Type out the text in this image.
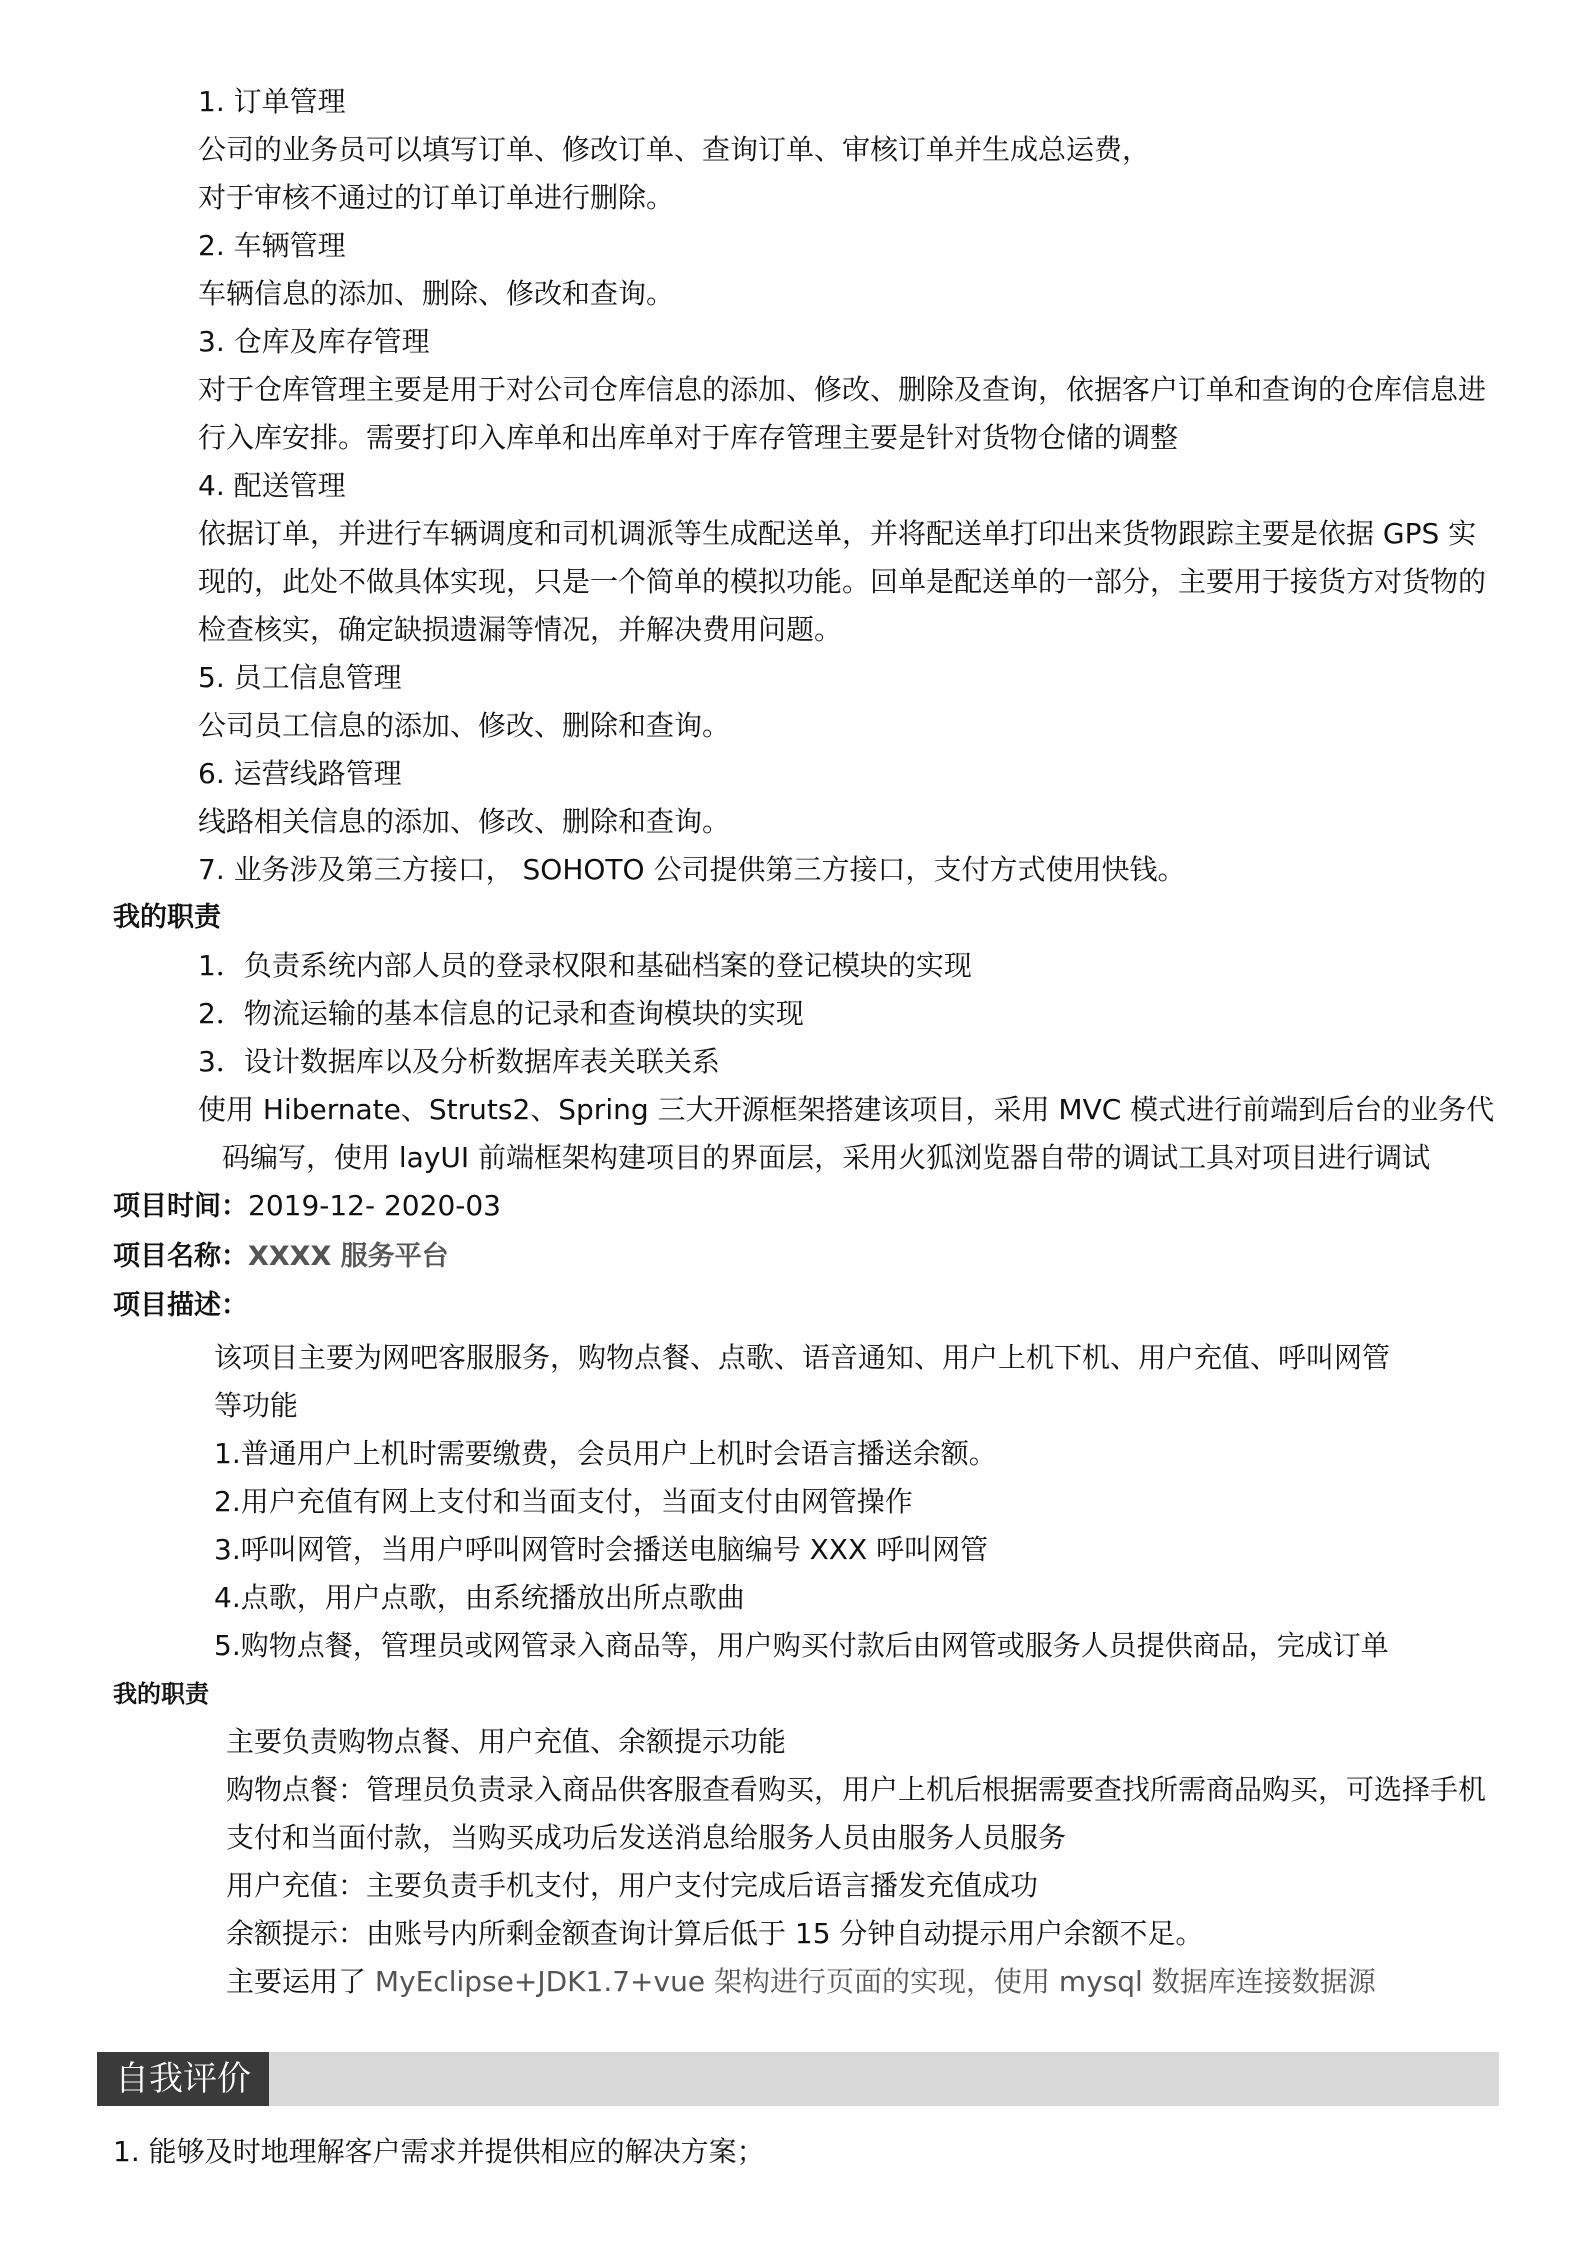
1. 订单管理
公司的业务员可以填写订单、修改订单、查询订单、审核订单并生成总运费，
对于审核不通过的订单订单进行删除。
2. 车辆管理
车辆信息的添加、删除、修改和查询。
3. 仓库及库存管理
对于仓库管理主要是用于对公司仓库信息的添加、修改、删除及查询，依据客户订单和查询的仓库信息进
行入库安排。需要打印入库单和出库单对于库存管理主要是针对货物仓储的调整
4. 配送管理
依据订单，并进行车辆调度和司机调派等生成配送单，并将配送单打印出来货物跟踪主要是依据 GPS 实
现的，此处不做具体实现，只是一个简单的模拟功能。回单是配送单的一部分，主要用于接货方对货物的
检查核实，确定缺损遗漏等情况，并解决费用问题。
5. 员工信息管理
公司员工信息的添加、修改、删除和查询。
6. 运营线路管理
线路相关信息的添加、修改、删除和查询。
7. 业务涉及第三方接口， SOHOTO 公司提供第三方接口，支付方式使用快钱。
我的职责
1．负责系统内部人员的登录权限和基础档案的登记模块的实现
2．物流运输的基本信息的记录和查询模块的实现
3．设计数据库以及分析数据库表关联关系
使用 Hibernate、Struts2、Spring 三大开源框架搭建该项目，采用 MVC 模式进行前端到后台的业务代
码编写，使用 layUI 前端框架构建项目的界面层，采用火狐浏览器自带的调试工具对项目进行调试
项目时间：2019-12- 2020-03
项目名称：XXXX 服务平台
项目描述：
该项目主要为网吧客服服务，购物点餐、点歌、语音通知、用户上机下机、用户充值、呼叫网管
等功能
1.普通用户上机时需要缴费，会员用户上机时会语言播送余额。
2.用户充值有网上支付和当面支付，当面支付由网管操作
3.呼叫网管，当用户呼叫网管时会播送电脑编号 XXX 呼叫网管
4.点歌，用户点歌，由系统播放出所点歌曲
5.购物点餐，管理员或网管录入商品等，用户购买付款后由网管或服务人员提供商品，完成订单
我的职责
主要负责购物点餐、用户充值、余额提示功能
购物点餐：管理员负责录入商品供客服查看购买，用户上机后根据需要查找所需商品购买，可选择手机
支付和当面付款，当购买成功后发送消息给服务人员由服务人员服务
用户充值：主要负责手机支付，用户支付完成后语言播发充值成功
余额提示：由账号内所剩金额查询计算后低于 15 分钟自动提示用户余额不足。
主要运用了 MyEclipse+JDK1.7+vue 架构进行页面的实现，使用 mysql 数据库连接数据源
自我评价
1. 能够及时地理解客户需求并提供相应的解决方案；
